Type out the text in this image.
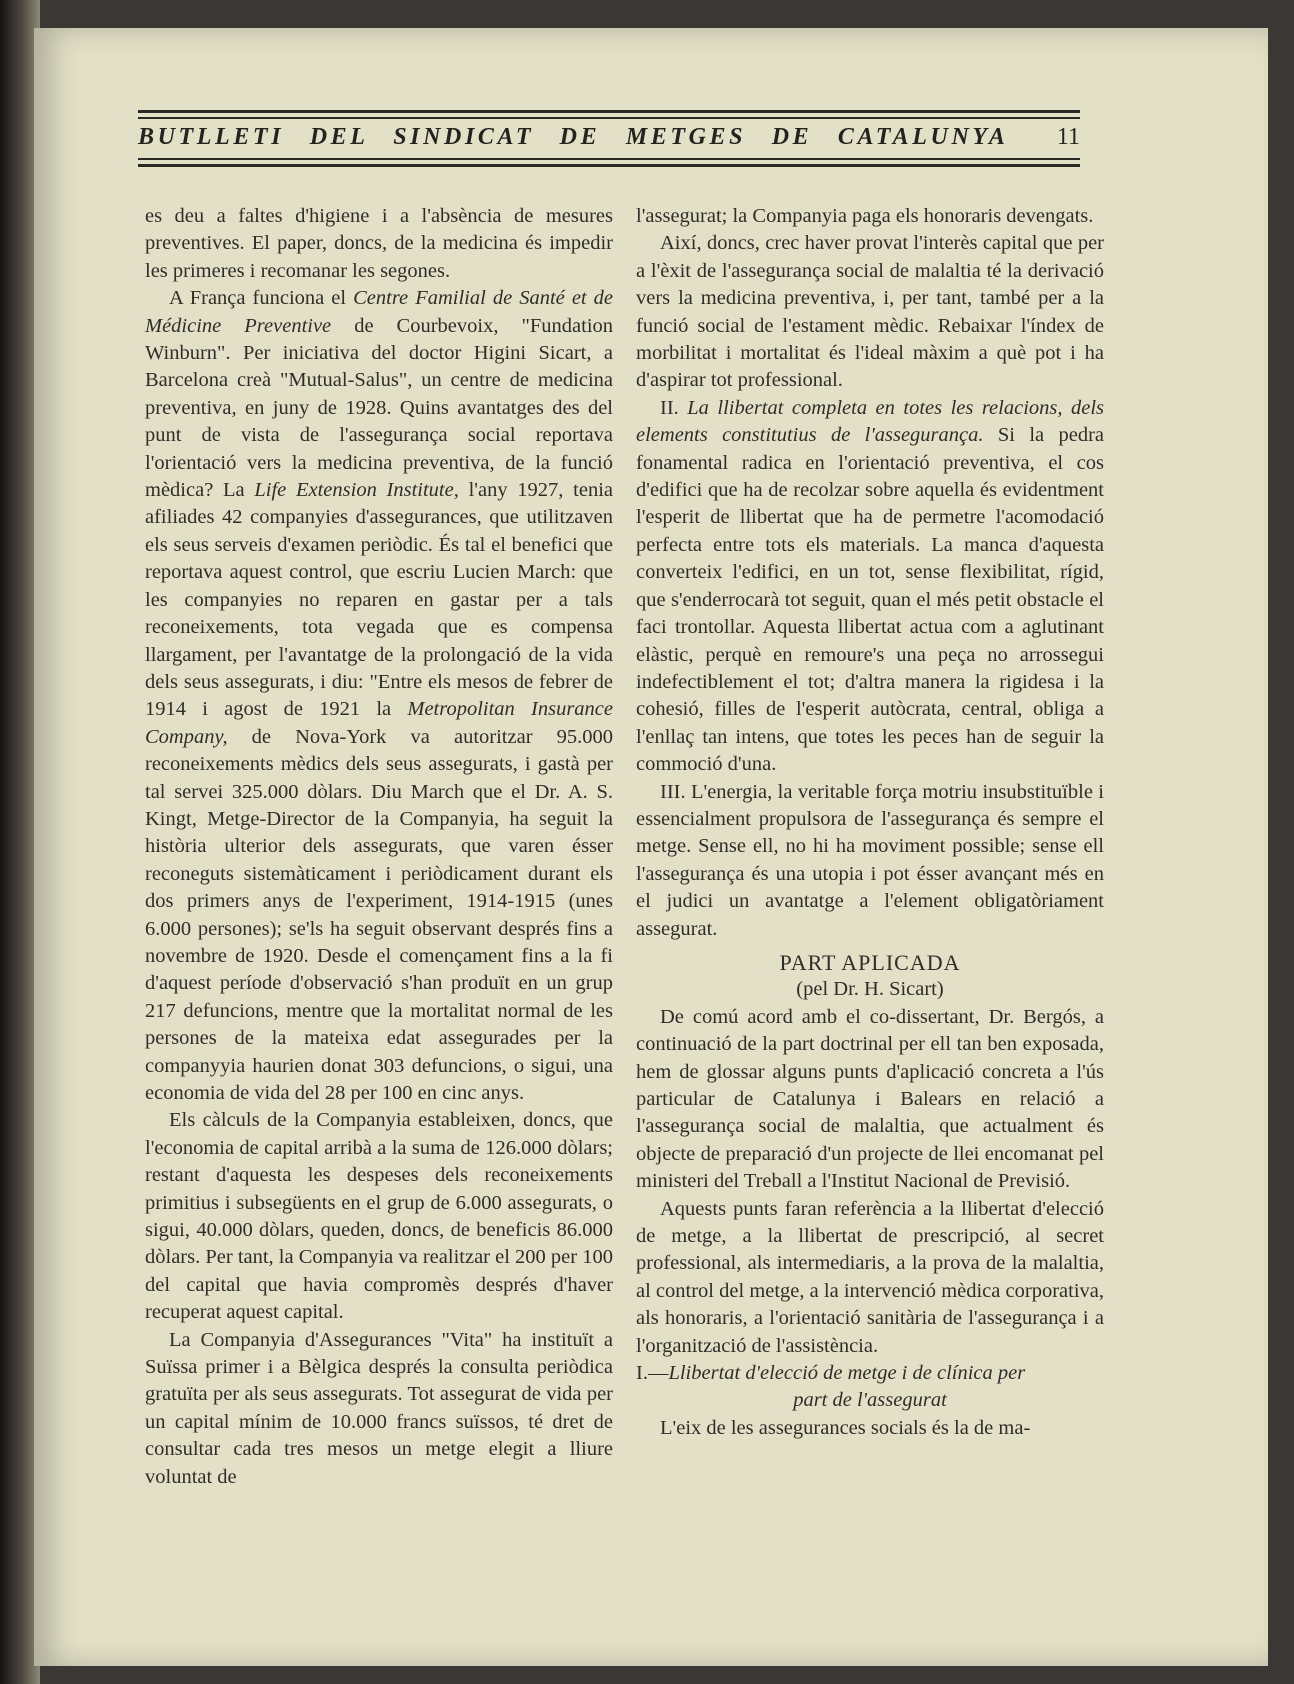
BUTLLETI DEL SINDICAT DE METGES DE CATALUNYA	11

es deu a faltes d'higiene i a l'absència de mesures preventives. El paper, doncs, de la medicina és impedir les primeres i recomanar les segones.

A França funciona el Centre Familial de Santé et de Médicine Preventive de Courbevoix, "Fundation Winburn". Per iniciativa del doctor Higini Sicart, a Barcelona creà "Mutual-Salus", un centre de medicina preventiva, en juny de 1928. Quins avantatges des del punt de vista de l'assegurança social reportava l'orientació vers la medicina preventiva, de la funció mèdica? La Life Extension Institute, l'any 1927, tenia afiliades 42 companyies d'assegurances, que utilitzaven els seus serveis d'examen periòdic. És tal el benefici que reportava aquest control, que escriu Lucien March: que les companyies no reparen en gastar per a tals reconeixements, tota vegada que es compensa llargament, per l'avantatge de la prolongació de la vida dels seus assegurats, i diu: "Entre els mesos de febrer de 1914 i agost de 1921 la Metropolitan Insurance Company, de Nova-York va autoritzar 95.000 reconeixements mèdics dels seus assegurats, i gastà per tal servei 325.000 dòlars. Diu March que el Dr. A. S. Kingt, Metge-Director de la Companyia, ha seguit la història ulterior dels assegurats, que varen ésser reconeguts sistemàticament i periòdicament durant els dos primers anys de l'experiment, 1914-1915 (unes 6.000 persones); se'ls ha seguit observant després fins a novembre de 1920. Desde el començament fins a la fi d'aquest període d'observació s'han produït en un grup 217 defuncions, mentre que la mortalitat normal de les persones de la mateixa edat assegurades per la companyyia haurien donat 303 defuncions, o sigui, una economia de vida del 28 per 100 en cinc anys.

Els càlculs de la Companyia estableixen, doncs, que l'economia de capital arribà a la suma de 126.000 dòlars; restant d'aquesta les despeses dels reconeixements primitius i subsegüents en el grup de 6.000 assegurats, o sigui, 40.000 dòlars, queden, doncs, de beneficis 86.000 dòlars. Per tant, la Companyia va realitzar el 200 per 100 del capital que havia compromès després d'haver recuperat aquest capital.

La Companyia d'Assegurances "Vita" ha instituït a Suïssa primer i a Bèlgica després la consulta periòdica gratuïta per als seus assegurats. Tot assegurat de vida per un capital mínim de 10.000 francs suïssos, té dret de consultar cada tres mesos un metge elegit a lliure voluntat de

l'assegurat; la Companyia paga els honoraris devengats.

Així, doncs, crec haver provat l'interès capital que per a l'èxit de l'assegurança social de malaltia té la derivació vers la medicina preventiva, i, per tant, també per a la funció social de l'estament mèdic. Rebaixar l'índex de morbilitat i mortalitat és l'ideal màxim a què pot i ha d'aspirar tot professional.

II. La llibertat completa en totes les relacions, dels elements constitutius de l'assegurança. Si la pedra fonamental radica en l'orientació preventiva, el cos d'edifici que ha de recolzar sobre aquella és evidentment l'esperit de llibertat que ha de permetre l'acomodació perfecta entre tots els materials. La manca d'aquesta converteix l'edifici, en un tot, sense flexibilitat, rígid, que s'enderrocarà tot seguit, quan el més petit obstacle el faci trontollar. Aquesta llibertat actua com a aglutinant elàstic, perquè en remoure's una peça no arrossegui indefectiblement el tot; d'altra manera la rigidesa i la cohesió, filles de l'esperit autòcrata, central, obliga a l'enllaç tan intens, que totes les peces han de seguir la commoció d'una.

III. L'energia, la veritable força motriu insubstituïble i essencialment propulsora de l'assegurança és sempre el metge. Sense ell, no hi ha moviment possible; sense ell l'assegurança és una utopia i pot ésser avançant més en el judici un avantatge a l'element obligatòriament assegurat.

PART APLICADA

(pel Dr. H. Sicart)

De comú acord amb el co-dissertant, Dr. Bergós, a continuació de la part doctrinal per ell tan ben exposada, hem de glossar alguns punts d'aplicació concreta a l'ús particular de Catalunya i Balears en relació a l'assegurança social de malaltia, que actualment és objecte de preparació d'un projecte de llei encomanat pel ministeri del Treball a l'Institut Nacional de Previsió.

Aquests punts faran referència a la llibertat d'elecció de metge, a la llibertat de prescripció, al secret professional, als intermediaris, a la prova de la malaltia, al control del metge, a la intervenció mèdica corporativa, als honoraris, a l'orientació sanitària de l'assegurança i a l'organització de l'assistència.

I.—Llibertat d'elecció de metge i de clínica per

part de l'assegurat

L'eix de les assegurances socials és la de ma-
